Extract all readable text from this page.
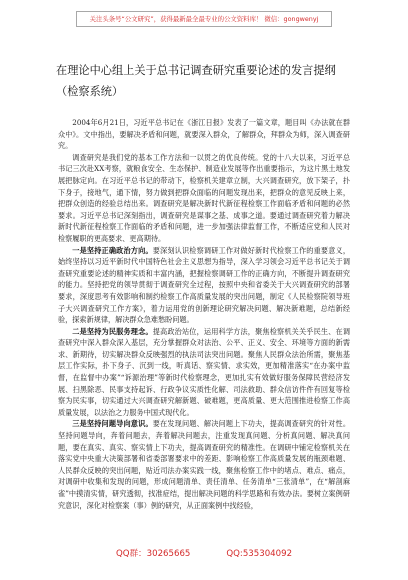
关注头条号“公文研究”，获得最新最全最专业的公文资料库！ 微信：gongwenyj
在理论中心组上关于总书记调查研究重要论述的发言提纲（检察系统）

2004年6月21日，习近平总书记在《浙江日报》发表了一篇文章，题目叫《办法就在群众中》。文中指出，要解决矛盾和问题，就要深入群众，了解群众，拜群众为师，深入调查研究。

调查研究是我们党的基本工作方法和一以贯之的优良传统。党的十八大以来，习近平总书记三次赴XX考察，就粮食安全、生态保护、制造业发展等作出重要指示，为这片黑土地发展把脉定向。在习近平总书记的带动下，检察机关建章立制，大兴调查研究，放下架子，扑下身子，接地气，通下情，努力做到把群众面临的问题发现出来，把群众的意见反映上来，把群众创造的经验总结出来。调查研究是解决新时代新征程检察工作面临矛盾和问题的必然要求。习近平总书记深刻指出，调查研究是谋事之基、成事之道。要通过调查研究着力解决新时代新征程检察工作面临的矛盾和问题，进一步加强法律监督工作，不断适应党和人民对检察履职的更高要求、更高期待。

一是坚持正确政治方向。要深刻认识检察调研工作对做好新时代检察工作的重要意义，始终坚持以习近平新时代中国特色社会主义思想为指导，深入学习领会习近平总书记关于调查研究重要论述的精神实质和丰富内涵，把握检察调研工作的正确方向，不断提升调查研究的能力。坚持把党的领导贯彻于调查研究全过程，按照中央和省委关于大兴调查研究的部署要求，深度思考有效影响和制约检察工作高质量发展的突出问题，制定《人民检察院领导班子大兴调查研究工作方案》，着力运用党的创新理论研究解决问题、解决新难题，总结新经验，探索新规律，解决群众急难愁盼问题。

二是坚持为民服务理念。提高政治站位，运用科学方法，聚焦检察机关关乎民生、在调查研究中深入群众深入基层，充分掌握群众对法治、公平、正义、安全、环境等方面的新需求、新期待，切实解决群众反映强烈的执法司法突出问题。聚焦人民群众法治所需，聚焦基层工作实际，扑下身子、沉到一线，听真话、察实情、求实效，更加精准落实“在办案中监督，在监督中办案”“诉源治理”等新时代检察理念，更加扎实有效做好服务保障民营经济发展、扫黑除恶、民事支持起诉、行政争议实质性化解、司法救助、群众信访件件有回复等检察为民实事，切实通过大兴调查研究解新题、破难题，更高质量、更大范围推进检察工作高质量发展，以法治之力服务中国式现代化。

三是坚持问题导向意识。要在发现问题、解决问题上下功夫，提高调查研究的针对性。坚持问题导向，奔着问题去，奔着解决问题去，注重发现真问题、分析真问题、解决真问题，要在真实、真实、察实情上下功夫，提高调查研究的精准性。在调研中铺定检察机关在落实党中央重大决策部署和省委部署要求中的差距、影响检察工作高质量发展的瓶颈难题、人民群众反映的突出问题，贴近司法办案实践一线，聚焦检察工作中的堵点、难点、痛点，对调研中收集和发现的问题，形成问题清单、责任清单、任务清单“三张清单”，在“解剖麻雀”中摸清实情，研究透彻，找准症结，提出解决问题的科学思路和有效办法。要树立案例研究意识，深化对检察案（事）例的研究，从正面案例中找经验，

QQ群：30265665	QQ:535304092
